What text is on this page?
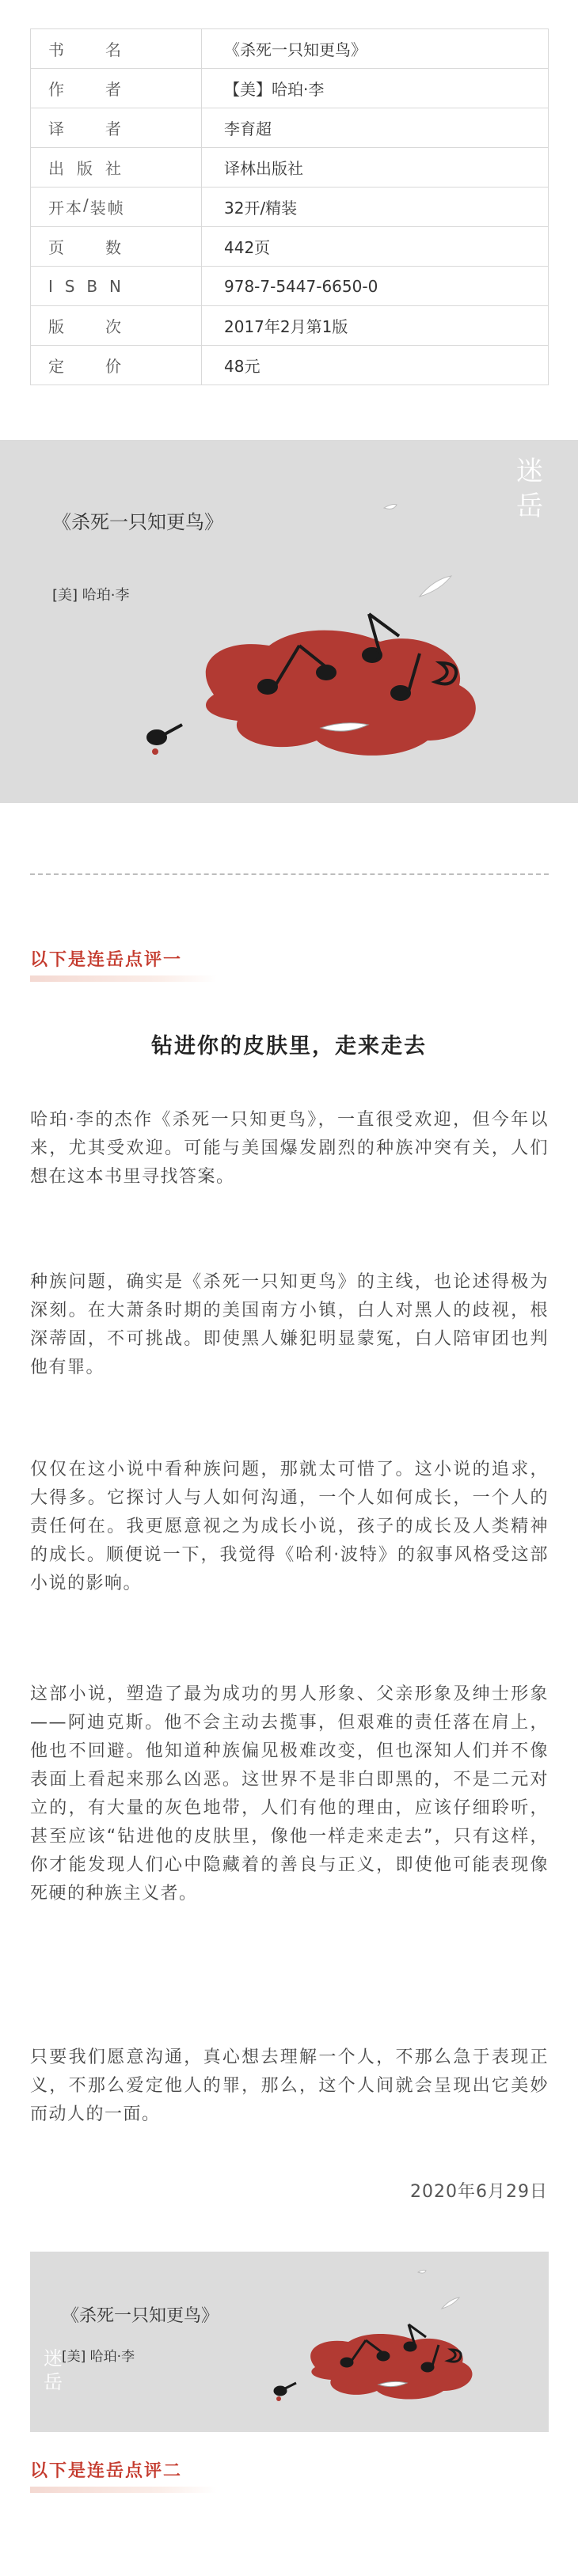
书 名	《杀死一只知更鸟》

作 者	【美】哈珀·李

译 者	李育超

出 版 社	译林出版社

开 本 / 装 帧	32开/精装

页 数	442页

I S B N	978-7-5447-6650-0

版 次	2017年2月第1版

定 价	48元
《杀死一只知更鸟》
[美] 哈珀·李
迷岳
以下是连岳点评一
钻进你的皮肤里，走来走去

哈珀·李的杰作《杀死一只知更鸟》，一直很受欢迎，但今年以来，尤其受欢迎。可能与美国爆发剧烈的种族冲突有关，人们想在这本书里寻找答案。

种族问题，确实是《杀死一只知更鸟》的主线，也论述得极为深刻。在大萧条时期的美国南方小镇，白人对黑人的歧视，根深蒂固，不可挑战。即使黑人嫌犯明显蒙冤，白人陪审团也判他有罪。

仅仅在这小说中看种族问题，那就太可惜了。这小说的追求，大得多。它探讨人与人如何沟通，一个人如何成长，一个人的责任何在。我更愿意视之为成长小说，孩子的成长及人类精神的成长。顺便说一下，我觉得《哈利·波特》的叙事风格受这部小说的影响。

这部小说，塑造了最为成功的男人形象、父亲形象及绅士形象——阿迪克斯。他不会主动去揽事，但艰难的责任落在肩上，他也不回避。他知道种族偏见极难改变，但也深知人们并不像表面上看起来那么凶恶。这世界不是非白即黑的，不是二元对立的，有大量的灰色地带，人们有他的理由，应该仔细聆听，甚至应该“钻进他的皮肤里，像他一样走来走去”，只有这样，你才能发现人们心中隐藏着的善良与正义，即使他可能表现像死硬的种族主义者。

只要我们愿意沟通，真心想去理解一个人，不那么急于表现正义，不那么爱定他人的罪，那么，这个人间就会呈现出它美妙而动人的一面。

2020年6月29日
《杀死一只知更鸟》
[美] 哈珀·李
迷岳
以下是连岳点评二
